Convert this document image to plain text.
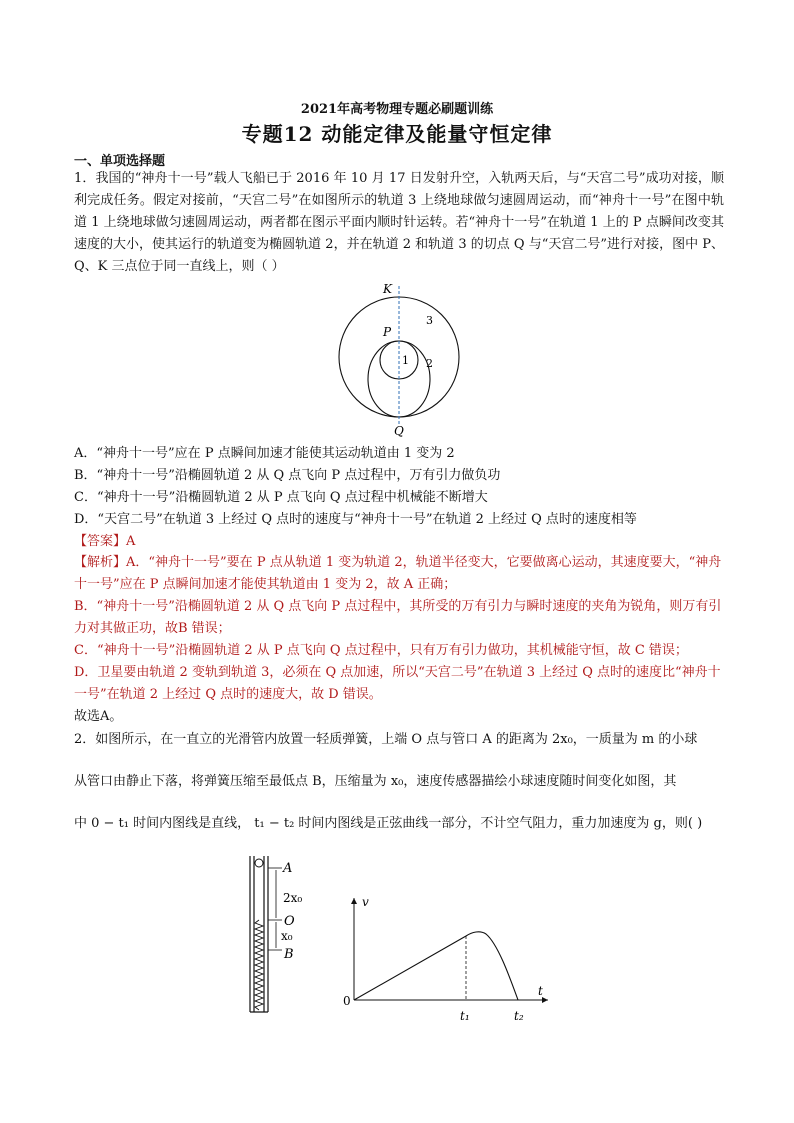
2021年高考物理专题必刷题训练
专题12 动能定律及能量守恒定律
一、单项选择题
1．我国的“神舟十一号”载人飞船已于 2016 年 10 月 17 日发射升空，入轨两天后，与“天宫二号”成功对接，顺利完成任务。假定对接前，“天宫二号”在如图所示的轨道 3 上绕地球做匀速圆周运动，而“神舟十一号”在图中轨道 1 上绕地球做匀速圆周运动，两者都在图示平面内顺时针运转。若“神舟十一号”在轨道 1 上的 P 点瞬间改变其速度的大小，使其运行的轨道变为椭圆轨道 2，并在轨道 2 和轨道 3 的切点 Q 与“天宫二号”进行对接，图中 P、Q、K 三点位于同一直线上，则（ ）
K
P
Q
1 2
3
A．“神舟十一号”应在 P 点瞬间加速才能使其运动轨道由 1 变为 2
B．“神舟十一号”沿椭圆轨道 2 从 Q 点飞向 P 点过程中，万有引力做负功
C．“神舟十一号”沿椭圆轨道 2 从 P 点飞向 Q 点过程中机械能不断增大
D．“天宫二号”在轨道 3 上经过 Q 点时的速度与“神舟十一号”在轨道 2 上经过 Q 点时的速度相等
【答案】A

【解析】A．“神舟十一号”要在 P 点从轨道 1 变为轨道 2，轨道半径变大，它要做离心运动，其速度要大，“神舟十一号”应在 P 点瞬间加速才能使其轨道由 1 变为 2，故 A 正确；

B．“神舟十一号”沿椭圆轨道 2 从 Q 点飞向 P 点过程中，其所受的万有引力与瞬时速度的夹角为锐角，则万有引力对其做正功，故B 错误；

C．“神舟十一号”沿椭圆轨道 2 从 P 点飞向 Q 点过程中，只有万有引力做功，其机械能守恒，故 C 错误；

D．卫星要由轨道 2 变轨到轨道 3，必须在 Q 点加速，所以“天宫二号”在轨道 3 上经过 Q 点时的速度比“神舟十一号”在轨道 2 上经过 Q 点时的速度大，故 D 错误。

故选A。

2．如图所示，在一直立的光滑管内放置一轻质弹簧，上端 O 点与管口 A 的距离为 2x₀，一质量为 m 的小球
从管口由静止下落，将弹簧压缩至最低点 B，压缩量为 x₀，速度传感器描绘小球速度随时间变化如图，其
中 0 − t₁ 时间内图线是直线， t₁ − t₂ 时间内图线是正弦曲线一部分，不计空气阻力，重力加速度为 g，则( )
A
2x₀
O
x₀
B
v
t
0
t₁	t₂
